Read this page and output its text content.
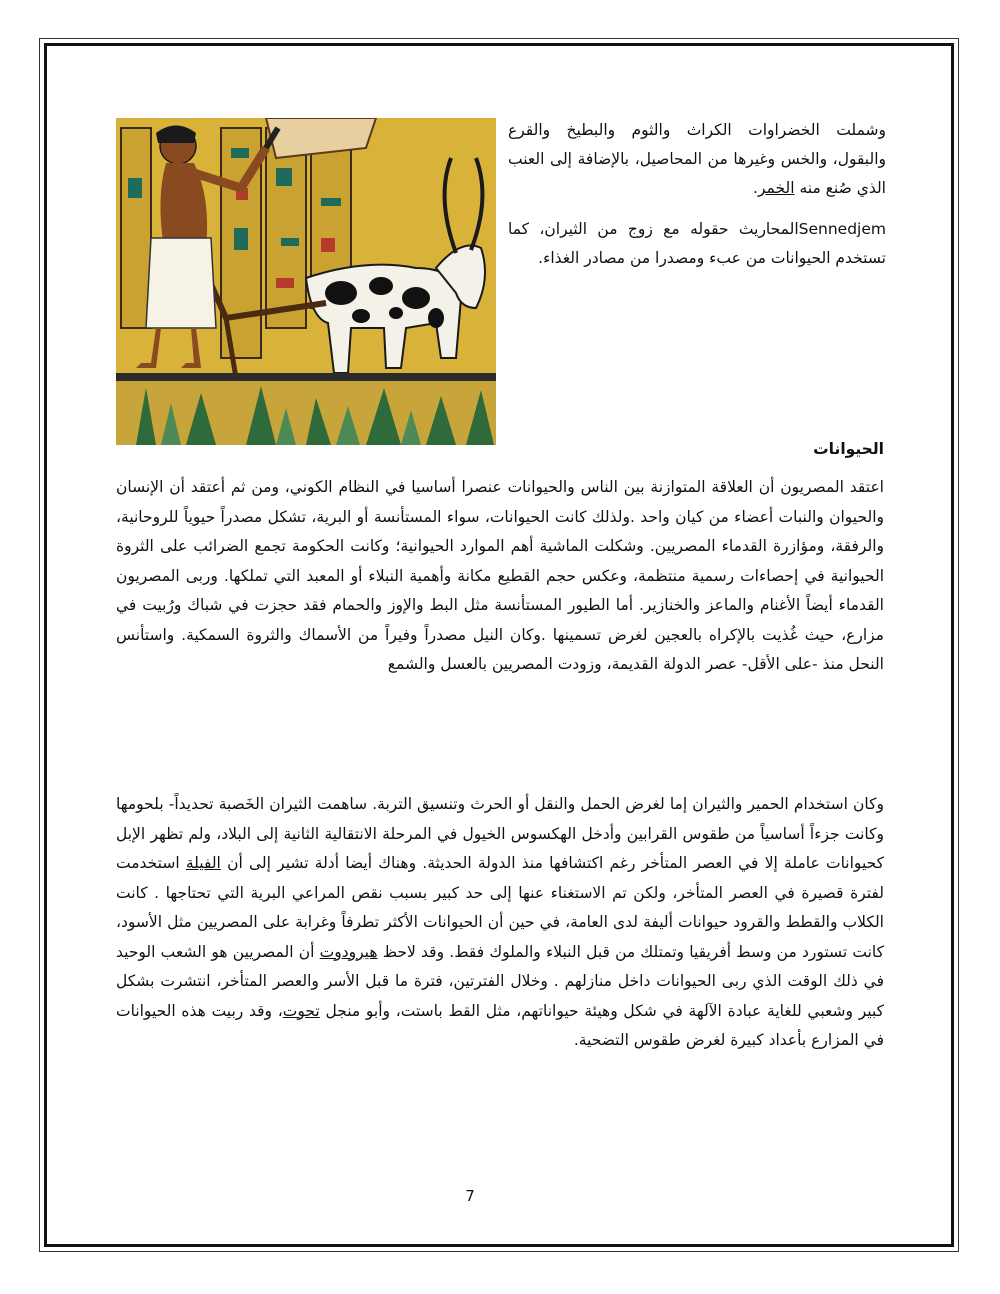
وشملت الخضراوات الكراث والثوم والبطيخ والقرع والبقول، والخس وغيرها من المحاصيل، بالإضافة إلى العنب الذي صُنع منه الخمر.

Sennedjemالمحاريث حقوله مع زوج من الثيران، كما تستخدم الحيوانات من عبء ومصدرا من مصادر الغذاء.

الحيوانات

اعتقد المصريون أن العلاقة المتوازنة بين الناس والحيوانات عنصرا أساسيا في النظام الكوني، ومن ثم أعتقد أن الإنسان والحيوان والنبات أعضاء من كيان واحد .ولذلك كانت الحيوانات، سواء المستأنسة أو البرية، تشكل مصدراً حيوياً للروحانية، والرفقة، ومؤازرة القدماء المصريين. وشكلت الماشية أهم الموارد الحيوانية؛ وكانت الحكومة تجمع الضرائب على الثروة الحيوانية في إحصاءات رسمية منتظمة، وعكس حجم القطيع مكانة وأهمية النبلاء أو المعبد التي تملكها. وربى المصريون القدماء أيضاً الأغنام والماعز والخنازير. أما الطيور المستأنسة مثل البط والإوز والحمام فقد حجزت في شباك ورُبيت في مزارع، حيث غُذيت بالإكراه بالعجين لغرض تسمينها .وكان النيل مصدراً وفيراً من الأسماك والثروة السمكية. واستأنس النحل منذ -على الأقل- عصر الدولة القديمة، وزودت المصريين بالعسل والشمع

وكان استخدام الحمير والثيران إما لغرض الحمل والنقل أو الحرث وتنسيق التربة. ساهمت الثيران الخَصبة تحديداً- بلحومها وكانت جزءاً أساسياً من طقوس القرابين وأدخل الهكسوس الخيول في المرحلة الانتقالية الثانية إلى البلاد، ولم تظهر الإبل كحيوانات عاملة إلا في العصر المتأخر رغم اكتشافها منذ الدولة الحديثة. وهناك أيضا أدلة تشير إلى أن الفيلة استخدمت لفترة قصيرة في العصر المتأخر، ولكن تم الاستغناء عنها إلى حد كبير بسبب نقص المراعي البرية التي تحتاجها . كانت الكلاب والقطط والقرود حيوانات أليفة لدى العامة، في حين أن الحيوانات الأكثر تطرفاً وغرابة على المصريين مثل الأسود، كانت تستورد من وسط أفريقيا وتمتلك من قبل النبلاء والملوك فقط. وقد لاحظ هيرودوت أن المصريين هو الشعب الوحيد في ذلك الوقت الذي ربى الحيوانات داخل منازلهم . وخلال الفترتين، فترة ما قبل الأسر والعصر المتأخر، انتشرت بشكل كبير وشعبي للغاية عبادة الآلهة في شكل وهيئة حيواناتهم، مثل القط باستت، وأبو منجل تحوت، وقد ربيت هذه الحيوانات في المزارع بأعداد كبيرة لغرض طقوس التضحية.

7
